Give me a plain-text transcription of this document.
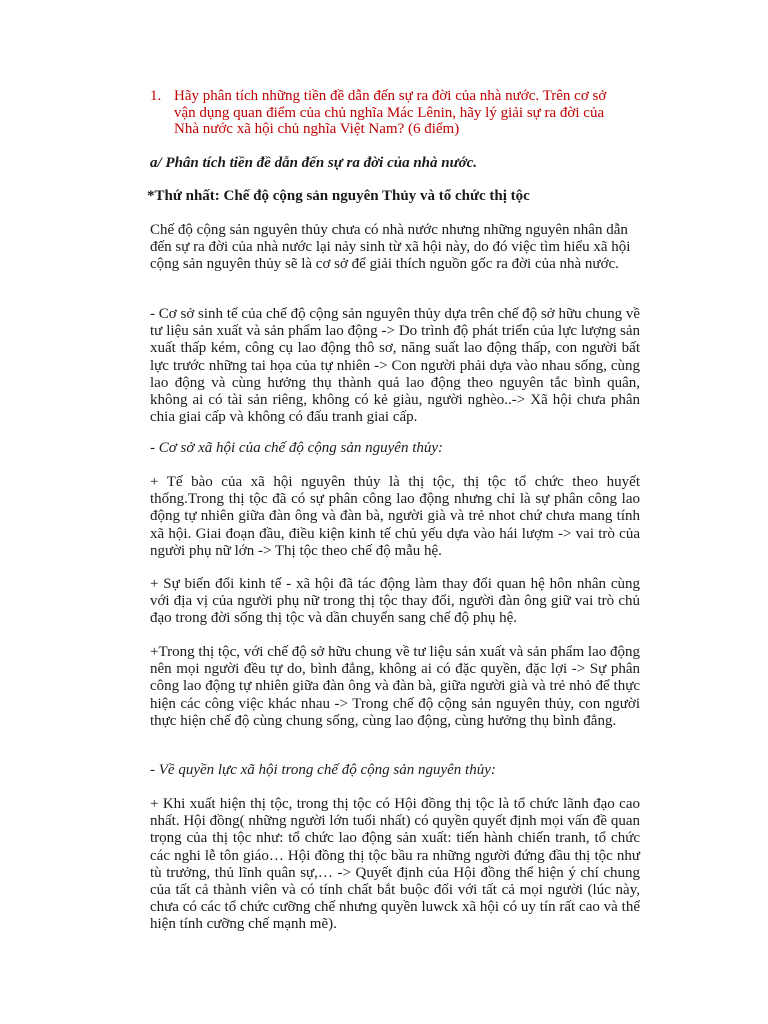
1. Hãy phân tích những tiền đề dẫn đến sự ra đời của nhà nước. Trên cơ sở vận dụng quan điểm của chủ nghĩa Mác Lênin, hãy lý giải sự ra đời của Nhà nước xã hội chủ nghĩa Việt Nam? (6 điểm)
a/ Phân tích tiền đề dẫn đến sự ra đời của nhà nước.
*Thứ nhất: Chế độ cộng sản nguyên Thủy và tổ chức thị tộc

Chế độ cộng sản nguyên thủy chưa có nhà nước nhưng những nguyên nhân dẫn đến sự ra đời của nhà nước lại nảy sinh từ xã hội này, do đó việc tìm hiểu xã hội cộng sản nguyên thủy sẽ là cơ sở để giải thích nguồn gốc ra đời của nhà nước.

- Cơ sở sinh tế của chế độ cộng sản nguyên thủy dựa trên chế độ sở hữu chung về tư liệu sản xuất và sản phẩm lao động -> Do trình độ phát triển của lực lượng sản xuất thấp kém, công cụ lao động thô sơ, năng suất lao động thấp, con người bất lực trước những tai họa của tự nhiên -> Con người phải dựa vào nhau sống, cùng lao động và cùng hưởng thụ thành quả lao động theo nguyên tắc bình quân, không ai có tài sản riêng, không có kẻ giàu, người nghèo..-> Xã hội chưa phân chia giai cấp và không có đấu tranh giai cấp.

- Cơ sở xã hội của chế độ cộng sản nguyên thủy:

+ Tế bào của xã hội nguyên thủy là thị tộc, thị tộc tổ chức theo huyết thống.Trong thị tộc đã có sự phân công lao động nhưng chỉ là sự phân công lao động tự nhiên giữa đàn ông và đàn bà, người già và trẻ nhot chứ chưa mang tính xã hội. Giai đoạn đầu, điều kiện kinh tế chủ yếu dựa vào hái lượm -> vai trò của người phụ nữ lớn -> Thị tộc theo chế độ mẫu hệ.

+ Sự biến đổi kinh tế - xã hội đã tác động làm thay đổi quan hệ hôn nhân cùng với địa vị của người phụ nữ trong thị tộc thay đổi, người đàn ông giữ vai trò chủ đạo trong đời sống thị tộc và dần chuyển sang chế độ phụ hệ.

+Trong thị tộc, với chế độ sở hữu chung về tư liệu sản xuất và sản phẩm lao động nên mọi người đều tự do, bình đẳng, không ai có đặc quyền, đặc lợi -> Sự phân công lao động tự nhiên giữa đàn ông và đàn bà, giữa người già và trẻ nhỏ để thực hiện các công việc khác nhau -> Trong chế độ cộng sản nguyên thủy, con người thực hiện chế độ cùng chung sống, cùng lao động, cùng hưởng thụ bình đẳng.

- Về quyền lực xã hội trong chế độ cộng sản nguyên thủy:

+ Khi xuất hiện thị tộc, trong thị tộc có Hội đồng thị tộc là tổ chức lãnh đạo cao nhất. Hội đồng( những người lớn tuổi nhất) có quyền quyết định mọi vấn đề quan trọng của thị tộc như: tổ chức lao động sản xuất: tiến hành chiến tranh, tổ chức các nghi lễ tôn giáo… Hội đồng thị tộc bầu ra những người đứng đầu thị tộc như tù trưởng, thủ lĩnh quân sự,… -> Quyết định của Hội đồng thể hiện ý chí chung của tất cả thành viên và có tính chất bắt buộc đối với tất cả mọi người (lúc này, chưa có các tổ chức cưỡng chế nhưng quyền luwck xã hội có uy tín rất cao và thể hiện tính cưỡng chế mạnh mẽ).
